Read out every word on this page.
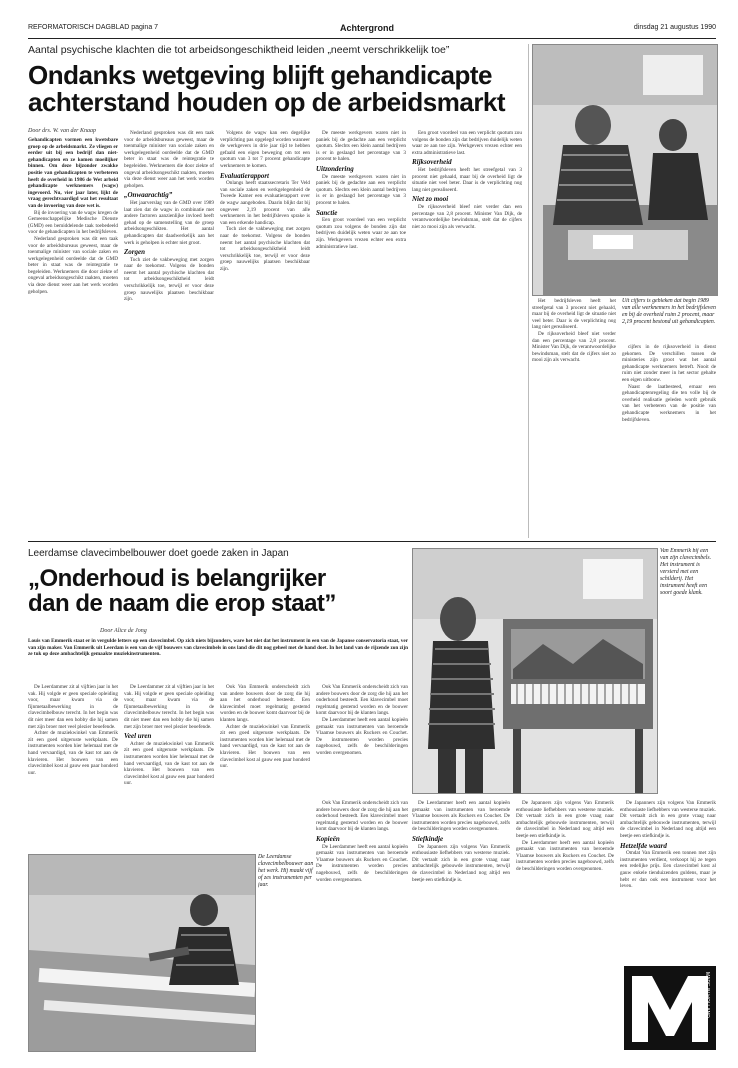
REFORMATORISCH DAGBLAD pagina 7	Achtergrond	dinsdag 21 augustus 1990
Aantal psychische klachten die tot arbeidsongeschiktheid leiden „neemt verschrikkelijk toe”
Ondanks wetgeving blijft gehandicapte
achterstand houden op de arbeidsmarkt
Door drs. W. van der Knaap

Gehandicapten vormen een kwetsbare groep op de arbeidsmarkt. Ze vliegen er eerder uit bij een bedrijf dan niet-gehandicapten en ze komen moeilijker binnen. Om deze bijzonder zwakke positie van gehandicapten te verbeteren heeft de overheid in 1986 de Wet arbeid gehandicapte werknemers (wagw) ingevoerd. Nu, vier jaar later, lijkt de vraag gerechtvaardigd wat het resultaat van de invoering van deze wet is.

Bij de invoering van de wagw kregen de Gemeenschappelijke Medische Dienste (GMD) een bemiddelende taak toebedeeld voor de gehandicapten in het bedrijfsleven.

Nederland gesproken was dit een taak voor de arbeidsbureaus geweest, maar de toenmalige minister van sociale zaken en werkgelegenheid oordeelde dat de GMD beter in staat was de reintegratie te begeleiden. Werknemers die door ziekte of ongeval arbeidsongeschikt raakten, moeten via deze dienst weer aan het werk worden geholpen.

Nederland gesproken was dit een taak voor de arbeidsbureaus geweest, maar de toenmalige minister van sociale zaken en werkgelegenheid oordeelde dat de GMD beter in staat was de reintegratie te begeleiden. Werknemers die door ziekte of ongeval arbeidsongeschikt raakten, moeten via deze dienst weer aan het werk worden geholpen.

„Onwaarachtig”

Het jaarverslag van de GMD over 1989 laat zien dat de wagw in combinatie met andere factoren aanzienlijke invloed heeft gehad op de samenstelling van de groep arbeidsongeschikten. Het aantal gehandicapten dat daadwerkelijk aan het werk is geholpen is echter niet groot.

Zorgen

Toch ziet de vakbeweging met zorgen naar de toekomst. Volgens de bonden neemt het aantal psychische klachten dat tot arbeidsongeschiktheid leidt verschrikkelijk toe, terwijl er voor deze groep nauwelijks plaatsen beschikbaar zijn.

Volgens de wagw kan een degelijke verplichting pas opgelegd worden wanneer de werkgevers in drie jaar tijd te hebben gefaald een eigen beweging om tot een quotum van 3 tot 7 procent gehandicapte werknemers te komen.

Evaluatierapport

Onlangs heeft staatssecretaris Ter Veld van sociale zaken en werkgelegenheid de Tweede Kamer een evaluatierapport over de wagw aangeboden. Daarin blijkt dat bij ongeveer 2,19 procent van alle werknemers in het bedrijfsleven sprake is van een erkende handicap.

Toch ziet de vakbeweging met zorgen naar de toekomst. Volgens de bonden neemt het aantal psychische klachten dat tot arbeidsongeschiktheid leidt verschrikkelijk toe, terwijl er voor deze groep nauwelijks plaatsen beschikbaar zijn.

De meeste werkgevers waren niet in paniek bij de gedachte aan een verplicht quotum. Slechts een klein aantal bedrijven is er in geslaagd het percentage van 3 procent te halen.

Uitzondering

De meeste werkgevers waren niet in paniek bij de gedachte aan een verplicht quotum. Slechts een klein aantal bedrijven is er in geslaagd het percentage van 3 procent te halen.

Sanctie

Een groot voordeel van een verplicht quotum zou volgens de bonden zijn dat bedrijven duidelijk weten waar ze aan toe zijn. Werkgevers vrezen echter een extra administratieve last.

Een groot voordeel van een verplicht quotum zou volgens de bonden zijn dat bedrijven duidelijk weten waar ze aan toe zijn. Werkgevers vrezen echter een extra administratieve last.

Rijksoverheid

Het bedrijfsleven heeft het streefgetal van 3 procent niet gehaald, maar bij de overheid ligt de situatie niet veel beter. Daar is de verplichting nog lang niet gerealiseerd.

Niet zo mooi

De rijksoverheid bleef niet verder dan een percentage van 2,8 procent. Minister Van Dijk, de verantwoordelijke bewindsman, stelt dat de cijfers niet zo mooi zijn als verwacht.

Het bedrijfsleven heeft het streefgetal van 3 procent niet gehaald, maar bij de overheid ligt de situatie niet veel beter. Daar is de verplichting nog lang niet gerealiseerd.

De rijksoverheid bleef niet verder dan een percentage van 2,8 procent. Minister Van Dijk, de verantwoordelijke bewindsman, stelt dat de cijfers niet zo mooi zijn als verwacht.

Uit cijfers is gebleken dat begin 1989 van alle werknemers in het bedrijfsleven en bij de overheid ruim 2 procent, maar 2,19 procent bestond uit gehandicapten.

cijfers in de rijksoverheid in dienst gekomen. De verschillen tussen de ministeries zijn groot wat het aantal gehandicapte werknemers betreft. Nooit de ruim niet zonder meer in het sector gehalte een eigen uitbouw.

Naast de laatbesteed, ernaar een gehandicaptenregeling die ten volle bij de overheid realisatie geleden wordt gebruik van het verbeteren van de positie van gehandicapte werknemers in het bedrijfsleven.

Leerdamse clavecimbelbouwer doet goede zaken in Japan
„Onderhoud is belangrijker
dan de naam die erop staat”
Van Emmerik bij een van zijn clavecimbels. Het instrument is versierd met een schilderij. Het instrument heeft een soort goede klank.
Door Alice de Jong

Louis van Emmerik staat er in vergulde letters op een clavecimbel. Op zich niets bijzonders, ware het niet dat het instrument in een van de Japanse conservatoria staat, ver van zijn maker. Van Emmerik uit Leerdam is een van de vijf bouwers van clavecimbels in ons land die dit nog geheel met de hand doet. In het land van de rijzende zon zijn ze tuk op deze ambachtelijk gemaakte muziekinstrumenten.

De Leerdammer zit al vijftien jaar in het vak. Hij volgde er geen speciale opleiding voor, maar kwam via de fijnmetaalbewerking in de clavecimbelbouw terecht. In het begin was dit niet meer dan een hobby die hij samen met zijn broer met veel plezier beoefende.

Achter de muziekwinkel van Emmerik zit een goed uitgeruste werkplaats. De instrumenten worden hier helemaal met de hand vervaardigd, van de kast tot aan de klavieren. Het bouwen van een clavecimbel kost al gauw een paar honderd uur.

De Leerdammer zit al vijftien jaar in het vak. Hij volgde er geen speciale opleiding voor, maar kwam via de fijnmetaalbewerking in de clavecimbelbouw terecht. In het begin was dit niet meer dan een hobby die hij samen met zijn broer met veel plezier beoefende.

Veel uren

Achter de muziekwinkel van Emmerik zit een goed uitgeruste werkplaats. De instrumenten worden hier helemaal met de hand vervaardigd, van de kast tot aan de klavieren. Het bouwen van een clavecimbel kost al gauw een paar honderd uur.

Ook Van Emmerik onderscheidt zich van andere bouwers door de zorg die hij aan het onderhoud besteedt. Een klavecimbel moet regelmatig gestemd worden en de bouwer komt daarvoor bij de klanten langs.

Achter de muziekwinkel van Emmerik zit een goed uitgeruste werkplaats. De instrumenten worden hier helemaal met de hand vervaardigd, van de kast tot aan de klavieren. Het bouwen van een clavecimbel kost al gauw een paar honderd uur.

Ook Van Emmerik onderscheidt zich van andere bouwers door de zorg die hij aan het onderhoud besteedt. Een klavecimbel moet regelmatig gestemd worden en de bouwer komt daarvoor bij de klanten langs.

De Leerdammer heeft een aantal kopieën gemaakt van instrumenten van beroemde Vlaamse bouwers als Ruckers en Couchet. De instrumenten worden precies nagebouwd, zelfs de beschilderingen worden overgenomen.

De Leerdamse clavecimbelbouwer aan het werk. Hij maakt vijf of zes instrumenten per jaar.

Ook Van Emmerik onderscheidt zich van andere bouwers door de zorg die hij aan het onderhoud besteedt. Een klavecimbel moet regelmatig gestemd worden en de bouwer komt daarvoor bij de klanten langs.

Kopieën

De Leerdammer heeft een aantal kopieën gemaakt van instrumenten van beroemde Vlaamse bouwers als Ruckers en Couchet. De instrumenten worden precies nagebouwd, zelfs de beschilderingen worden overgenomen.

De Leerdammer heeft een aantal kopieën gemaakt van instrumenten van beroemde Vlaamse bouwers als Ruckers en Couchet. De instrumenten worden precies nagebouwd, zelfs de beschilderingen worden overgenomen.

Stiefkindje

De Japanners zijn volgens Van Emmerik enthousiaste liefhebbers van westerse muziek. Dit vertaalt zich in een grote vraag naar ambachtelijk gebouwde instrumenten, terwijl de clavecimbel in Nederland nog altijd een beetje een stiefkindje is.

De Japanners zijn volgens Van Emmerik enthousiaste liefhebbers van westerse muziek. Dit vertaalt zich in een grote vraag naar ambachtelijk gebouwde instrumenten, terwijl de clavecimbel in Nederland nog altijd een beetje een stiefkindje is.

De Leerdammer heeft een aantal kopieën gemaakt van instrumenten van beroemde Vlaamse bouwers als Ruckers en Couchet. De instrumenten worden precies nagebouwd, zelfs de beschilderingen worden overgenomen.

De Japanners zijn volgens Van Emmerik enthousiaste liefhebbers van westerse muziek. Dit vertaalt zich in een grote vraag naar ambachtelijk gebouwde instrumenten, terwijl de clavecimbel in Nederland nog altijd een beetje een stiefkindje is.

Hetzelfde waard

Omdat Van Emmerik een tonnen met zijn instrumenten verdient, verkoopt hij ze tegen een redelijke prijs. Een clavecimbel kost al gauw enkele tienduizenden guldens, maar je hebt er dan ook een instrument voor het leven.

MADE IN HOLLAND
